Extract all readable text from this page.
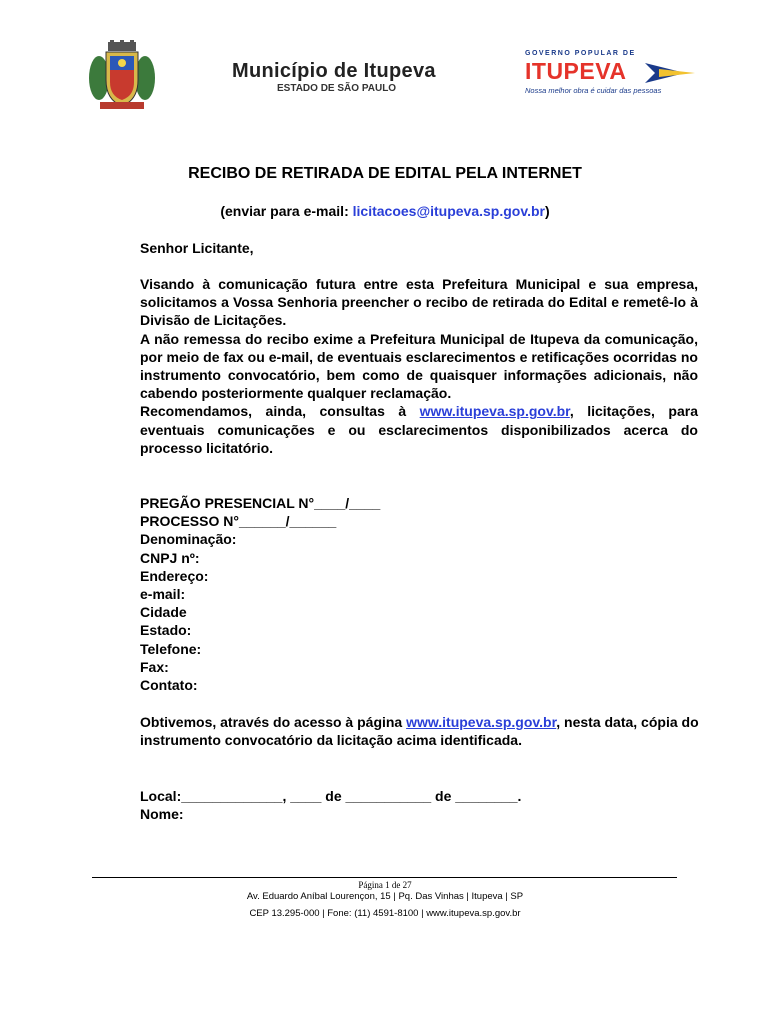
Município de Itupeva
ESTADO DE SÃO PAULO
GOVERNO POPULAR DE
ITUPEVA
Nossa melhor obra é cuidar das pessoas
RECIBO DE RETIRADA DE EDITAL PELA INTERNET
(enviar para e-mail: licitacoes@itupeva.sp.gov.br)
Senhor Licitante,

Visando à comunicação futura entre esta Prefeitura Municipal e sua empresa, solicitamos a Vossa Senhoria preencher o recibo de retirada do Edital e remetê-lo à Divisão de Licitações.

A não remessa do recibo exime a Prefeitura Municipal de Itupeva da comunicação, por meio de fax ou e-mail, de eventuais esclarecimentos e retificações ocorridas no instrumento convocatório, bem como de quaisquer informações adicionais, não cabendo posteriormente qualquer reclamação.

Recomendamos, ainda, consultas à www.itupeva.sp.gov.br, licitações, para eventuais comunicações e ou esclarecimentos disponibilizados acerca do processo licitatório.

PREGÃO PRESENCIAL N°____/____
PROCESSO N°______/______
Denominação:
CNPJ nº:
Endereço:
e-mail:
Cidade
Estado:
Telefone:
Fax:
Contato:
Obtivemos, através do acesso à página www.itupeva.sp.gov.br, nesta data, cópia do instrumento convocatório da licitação acima identificada.
Local:_____________, ____ de ___________ de ________.
Nome:
Página 1 de 27
Av. Eduardo Aníbal Lourençon, 15 | Pq. Das Vinhas | Itupeva | SP
CEP 13.295-000 | Fone: (11) 4591-8100 | www.itupeva.sp.gov.br
